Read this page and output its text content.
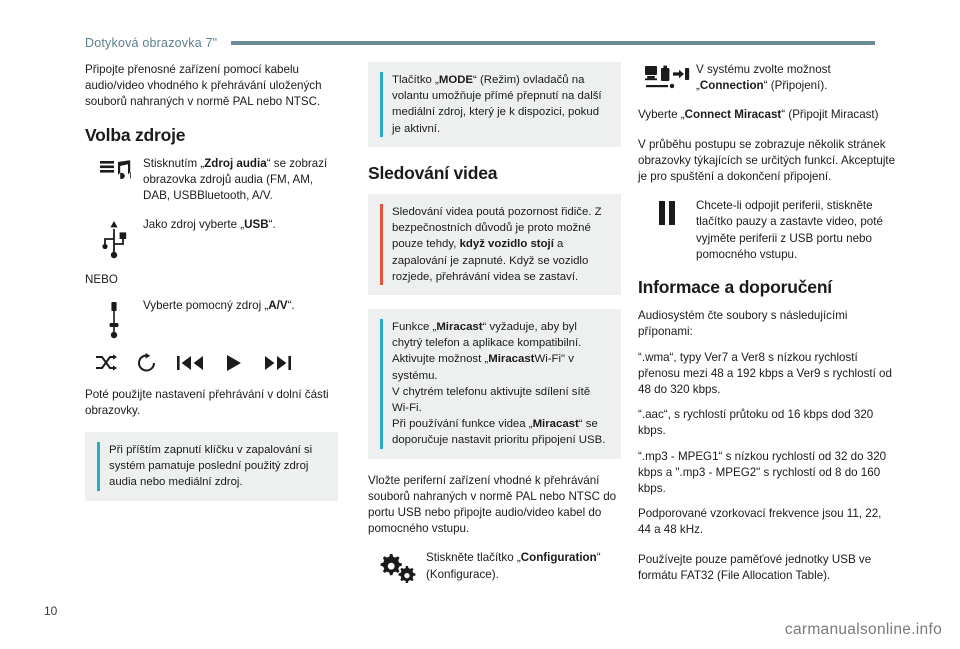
Dotyková obrazovka 7"

Připojte přenosné zařízení pomocí kabelu audio/video vhodného k přehrávání uložených souborů nahraných v normě PAL nebo NTSC.

Volba zdroje
Stisknutím „Zdroj audia“ se zobrazí obrazovka zdrojů audia (FM, AM, DAB, USBBluetooth, A/V.
Jako zdroj vyberte „USB“.

NEBO

Vyberte pomocný zdroj „A/V“.

Poté použijte nastavení přehrávání v dolní části obrazovky.

Při příštím zapnutí klíčku v zapalování si systém pamatuje poslední použitý zdroj audia nebo mediální zdroj.
Tlačítko „MODE“ (Režim) ovladačů na volantu umožňuje přímé přepnutí na další mediální zdroj, který je k dispozici, pokud je aktivní.
Sledování videa
Sledování videa poutá pozornost řidiče. Z bezpečnostních důvodů je proto možné pouze tehdy, když vozidlo stojí a zapalování je zapnuté. Když se vozidlo rozjede, přehrávání videa se zastaví.
Funkce „Miracast“ vyžaduje, aby byl chytrý telefon a aplikace kompatibilní.
Aktivujte možnost „MiracastWi-Fi" v systému.
V chytrém telefonu aktivujte sdílení sítě Wi-Fi.
Při používání funkce videa „Miracast“ se doporučuje nastavit prioritu připojení USB.

Vložte periferní zařízení vhodné k přehrávání souborů nahraných v normě PAL nebo NTSC do portu USB nebo připojte audio/video kabel do pomocného vstupu.

Stiskněte tlačítko „Configuration“ (Konfigurace).
V systému zvolte možnost „Connection“ (Připojení).

Vyberte „Connect Miracast“ (Připojit Miracast)

V průběhu postupu se zobrazuje několik stránek obrazovky týkajících se určitých funkcí. Akceptujte je pro spuštění a dokončení připojení.

Chcete-li odpojit periferii, stiskněte tlačítko pauzy a zastavte video, poté vyjměte periferii z USB portu nebo pomocného vstupu.
Informace a doporučení

Audiosystém čte soubory s následujícími příponami:

“.wma“, typy Ver7 a Ver8 s nízkou rychlostí přenosu mezi 48 a 192 kbps a Ver9 s rychlostí od 48 do 320 kbps.

“.aac“, s rychlostí průtoku od 16 kbps dod 320 kbps.

“.mp3 - MPEG1“ s nízkou rychlostí od 32 do 320 kbps a ".mp3 - MPEG2" s rychlostí od 8 do 160 kbps.

Podporované vzorkovací frekvence jsou 11, 22, 44 a 48 kHz.

Používejte pouze paměťové jednotky USB ve formátu FAT32 (File Allocation Table).

10
carmanualsonline.info
